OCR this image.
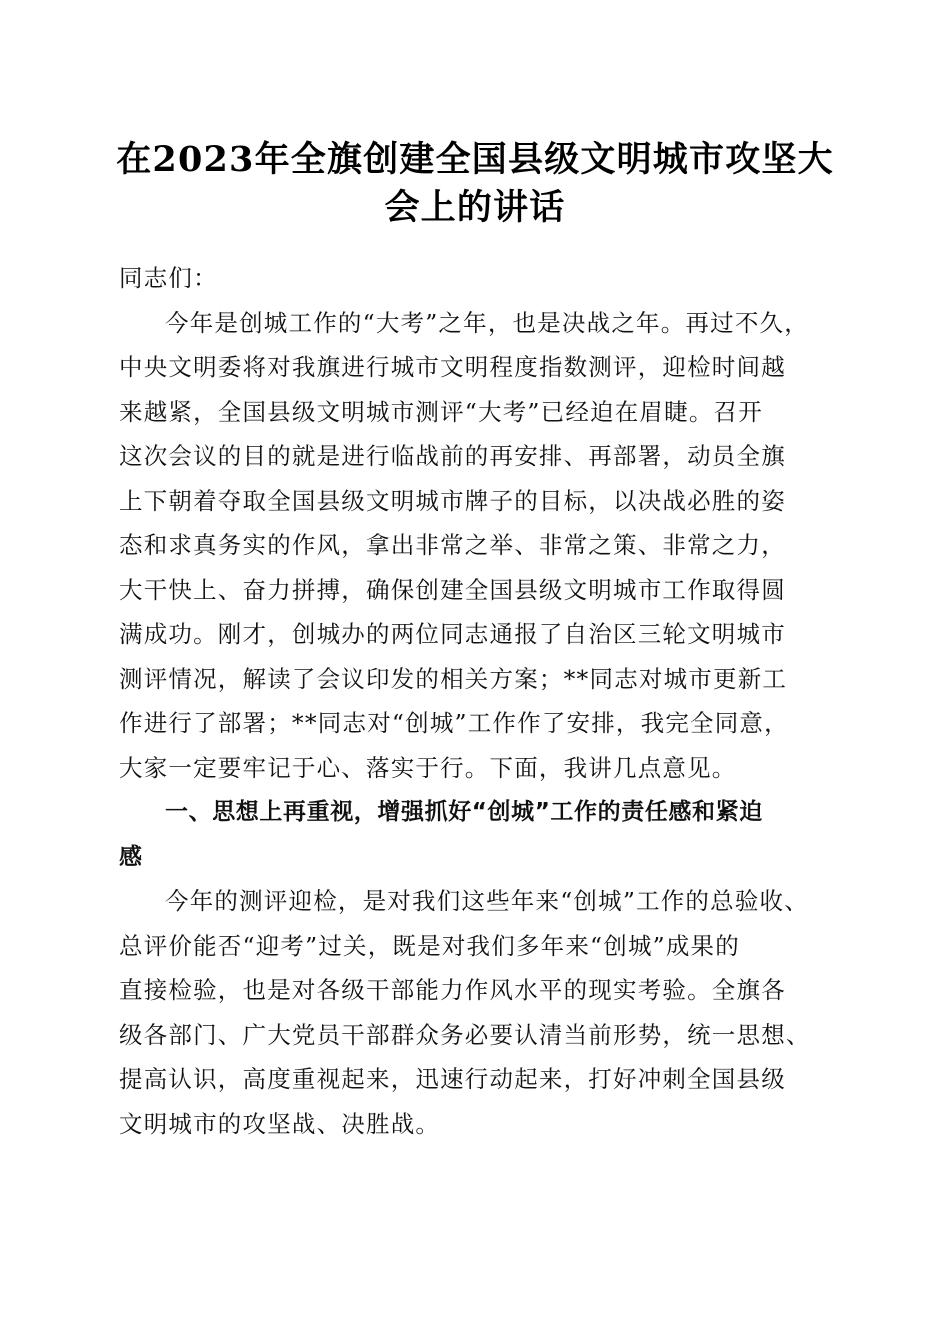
在2023年全旗创建全国县级文明城市攻坚大
会上的讲话

同志们：

今年是创城工作的“大考”之年，也是决战之年。再过不久，
中央文明委将对我旗进行城市文明程度指数测评，迎检时间越
来越紧，全国县级文明城市测评“大考”已经迫在眉睫。召开
这次会议的目的就是进行临战前的再安排、再部署，动员全旗
上下朝着夺取全国县级文明城市牌子的目标，以决战必胜的姿
态和求真务实的作风，拿出非常之举、非常之策、非常之力，
大干快上、奋力拼搏，确保创建全国县级文明城市工作取得圆
满成功。刚才，创城办的两位同志通报了自治区三轮文明城市
测评情况，解读了会议印发的相关方案；**同志对城市更新工
作进行了部署；**同志对“创城”工作作了安排，我完全同意，
大家一定要牢记于心、落实于行。下面，我讲几点意见。

一、思想上再重视，增强抓好“创城”工作的责任感和紧迫
感

今年的测评迎检，是对我们这些年来“创城”工作的总验收、
总评价能否“迎考”过关，既是对我们多年来“创城”成果的
直接检验，也是对各级干部能力作风水平的现实考验。全旗各
级各部门、广大党员干部群众务必要认清当前形势，统一思想、
提高认识，高度重视起来，迅速行动起来，打好冲刺全国县级
文明城市的攻坚战、决胜战。
